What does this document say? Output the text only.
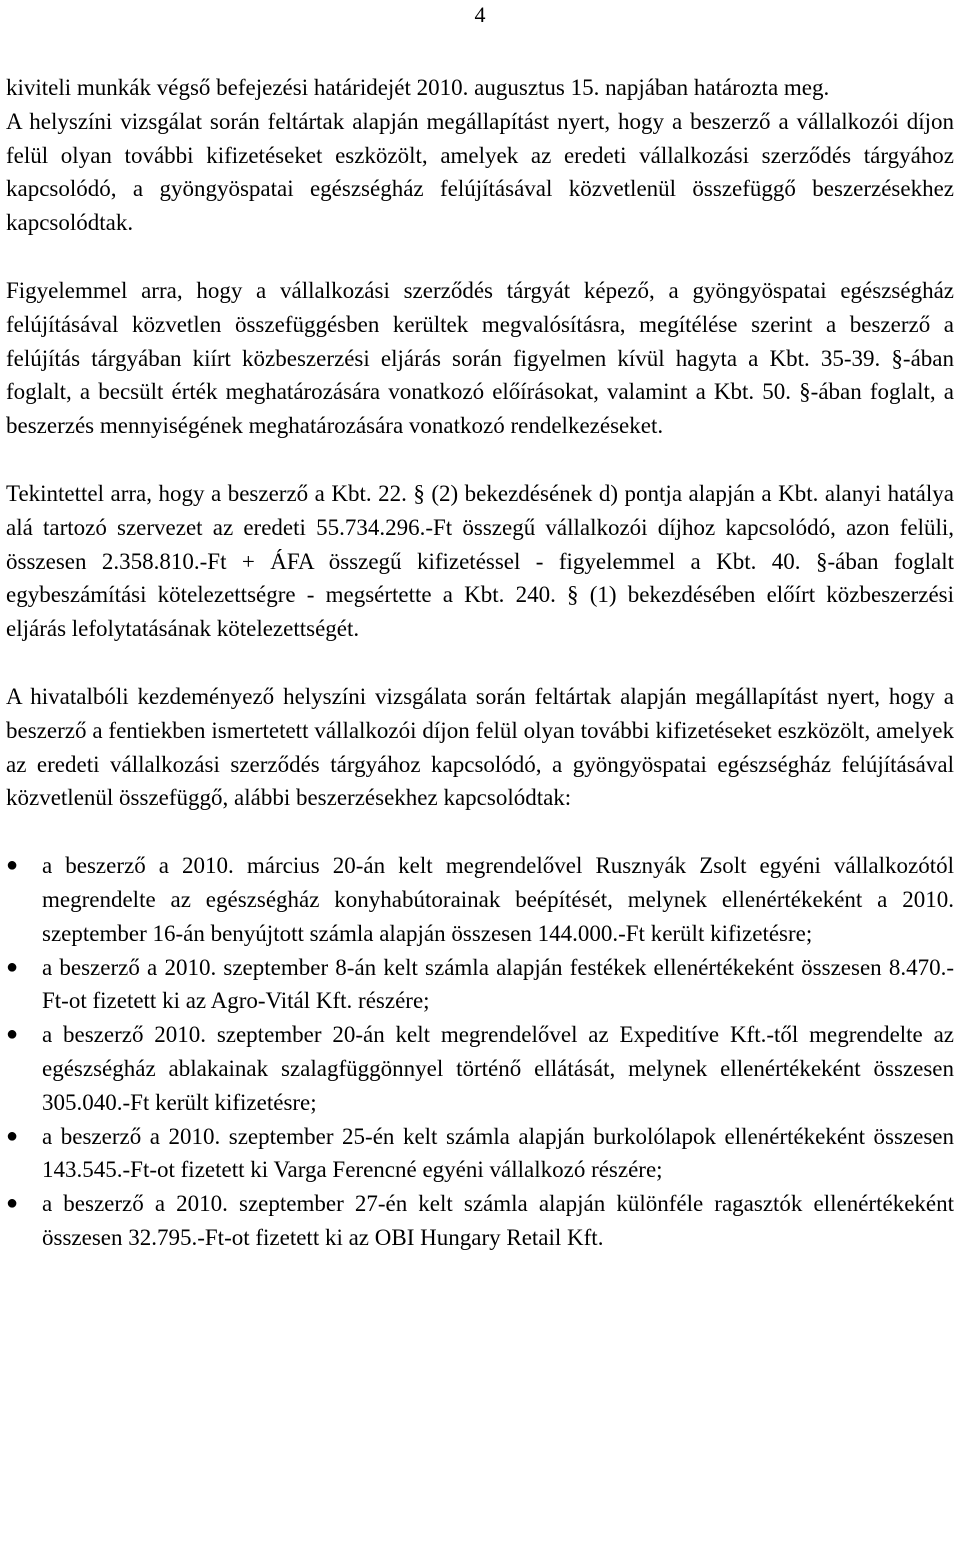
4

kiviteli munkák végső befejezési határidejét 2010. augusztus 15. napjában határozta meg.

A helyszíni vizsgálat során feltártak alapján megállapítást nyert, hogy a beszerző a vállalkozói díjon felül olyan további kifizetéseket eszközölt, amelyek az eredeti vállalkozási szerződés tárgyához kapcsolódó, a gyöngyöspatai egészségház felújításával közvetlenül összefüggő beszerzésekhez kapcsolódtak.

Figyelemmel arra, hogy a vállalkozási szerződés tárgyát képező, a gyöngyöspatai egészségház felújításával közvetlen összefüggésben kerültek megvalósításra, megítélése szerint a beszerző a felújítás tárgyában kiírt közbeszerzési eljárás során figyelmen kívül hagyta a Kbt. 35-39. §-ában foglalt, a becsült érték meghatározására vonatkozó előírásokat, valamint a Kbt. 50. §-ában foglalt, a beszerzés mennyiségének meghatározására vonatkozó rendelkezéseket.

Tekintettel arra, hogy a beszerző a Kbt. 22. § (2) bekezdésének d) pontja alapján a Kbt. alanyi hatálya alá tartozó szervezet az eredeti 55.734.296.-Ft összegű vállalkozói díjhoz kapcsolódó, azon felüli, összesen 2.358.810.-Ft + ÁFA összegű kifizetéssel - figyelemmel a Kbt. 40. §-ában foglalt egybeszámítási kötelezettségre - megsértette a Kbt. 240. § (1) bekezdésében előírt közbeszerzési eljárás lefolytatásának kötelezettségét.

A hivatalbóli kezdeményező helyszíni vizsgálata során feltártak alapján megállapítást nyert, hogy a beszerző a fentiekben ismertetett vállalkozói díjon felül olyan további kifizetéseket eszközölt, amelyek az eredeti vállalkozási szerződés tárgyához kapcsolódó, a gyöngyöspatai egészségház felújításával közvetlenül összefüggő, alábbi beszerzésekhez kapcsolódtak:

● a beszerző a 2010. március 20-án kelt megrendelővel Rusznyák Zsolt egyéni vállalkozótól megrendelte az egészségház konyhabútorainak beépítését, melynek ellenértékeként a 2010. szeptember 16-án benyújtott számla alapján összesen 144.000.-Ft került kifizetésre;
● a beszerző a 2010. szeptember 8-án kelt számla alapján festékek ellenértékeként összesen 8.470.-Ft-ot fizetett ki az Agro-Vitál Kft. részére;
● a beszerző 2010. szeptember 20-án kelt megrendelővel az Expeditíve Kft.-től megrendelte az egészségház ablakainak szalagfüggönnyel történő ellátását, melynek ellenértékeként összesen 305.040.-Ft került kifizetésre;
● a beszerző a 2010. szeptember 25-én kelt számla alapján burkolólapok ellenértékeként összesen 143.545.-Ft-ot fizetett ki Varga Ferencné egyéni vállalkozó részére;
● a beszerző a 2010. szeptember 27-én kelt számla alapján különféle ragasztók ellenértékeként összesen 32.795.-Ft-ot fizetett ki az OBI Hungary Retail Kft.
